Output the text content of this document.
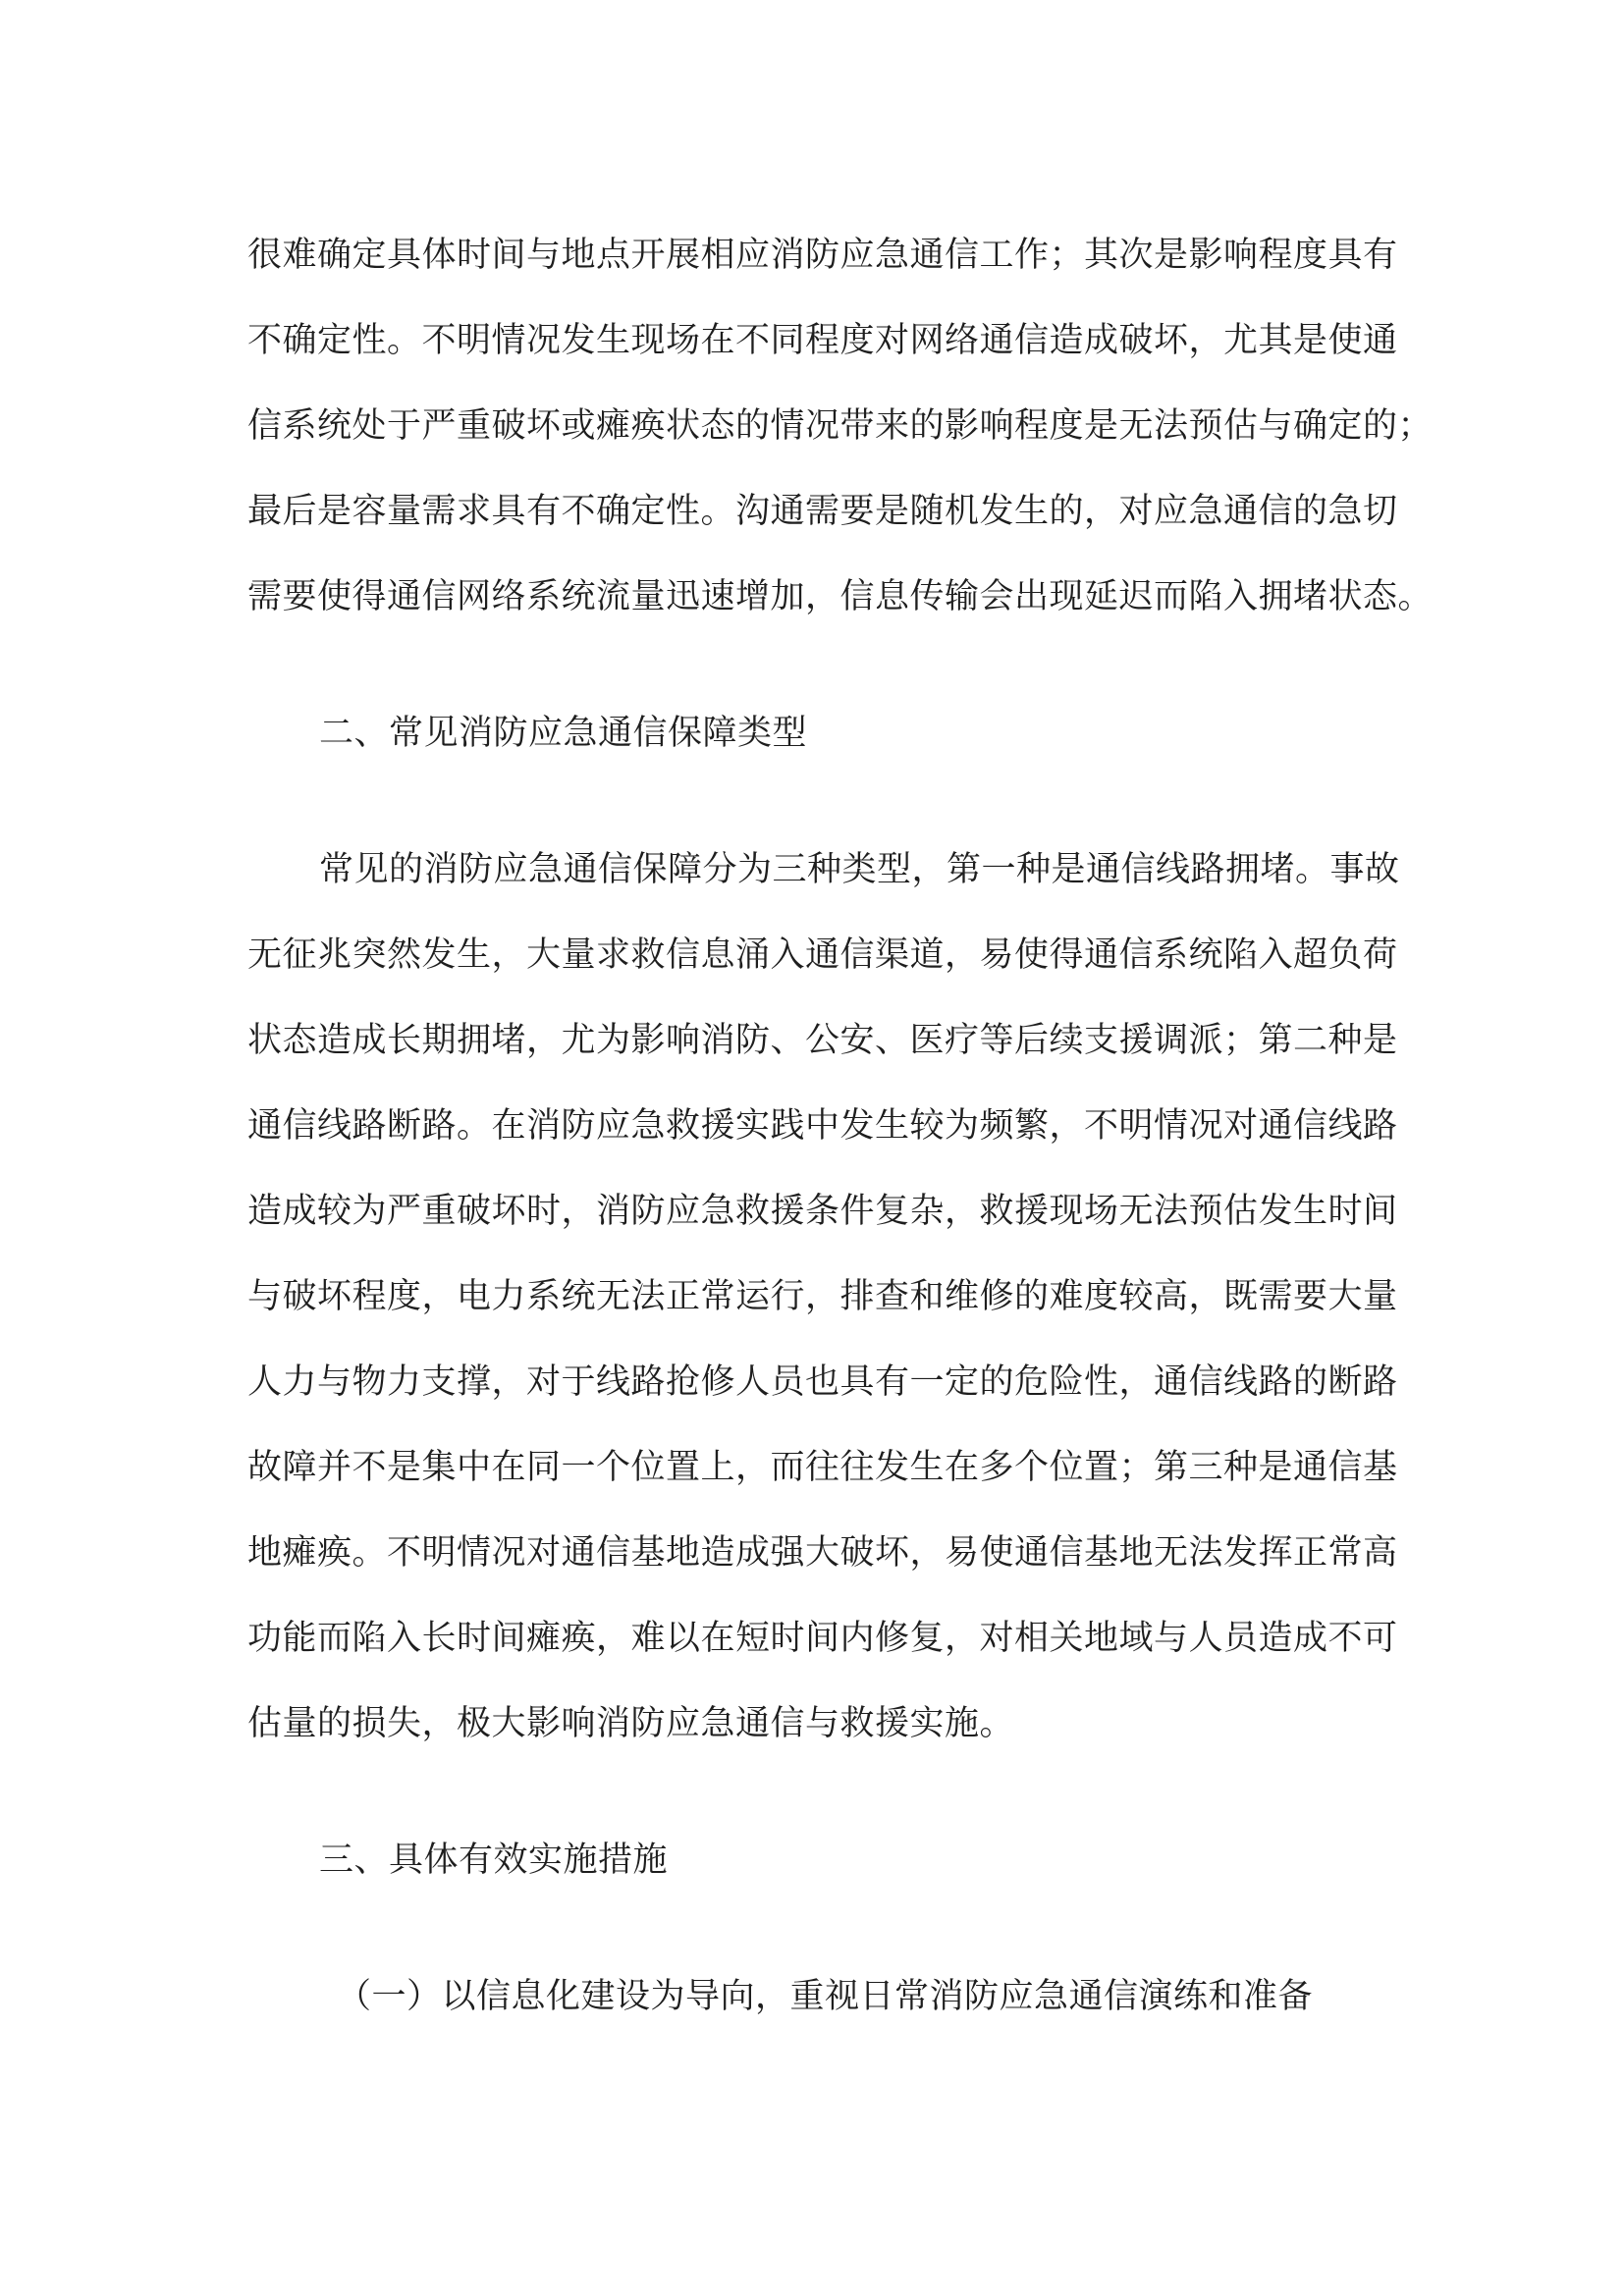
很难确定具体时间与地点开展相应消防应急通信工作；其次是影响程度具有
不确定性。不明情况发生现场在不同程度对网络通信造成破坏，尤其是使通
信系统处于严重破坏或瘫痪状态的情况带来的影响程度是无法预估与确定的；
最后是容量需求具有不确定性。沟通需要是随机发生的，对应急通信的急切
需要使得通信网络系统流量迅速增加，信息传输会出现延迟而陷入拥堵状态。
二、常见消防应急通信保障类型
常见的消防应急通信保障分为三种类型，第一种是通信线路拥堵。事故
无征兆突然发生，大量求救信息涌入通信渠道，易使得通信系统陷入超负荷
状态造成长期拥堵，尤为影响消防、公安、医疗等后续支援调派；第二种是
通信线路断路。在消防应急救援实践中发生较为频繁，不明情况对通信线路
造成较为严重破坏时，消防应急救援条件复杂，救援现场无法预估发生时间
与破坏程度，电力系统无法正常运行，排查和维修的难度较高，既需要大量
人力与物力支撑，对于线路抢修人员也具有一定的危险性，通信线路的断路
故障并不是集中在同一个位置上，而往往发生在多个位置；第三种是通信基
地瘫痪。不明情况对通信基地造成强大破坏，易使通信基地无法发挥正常高
功能而陷入长时间瘫痪，难以在短时间内修复，对相关地域与人员造成不可
估量的损失，极大影响消防应急通信与救援实施。
三、具体有效实施措施
（一）以信息化建设为导向，重视日常消防应急通信演练和准备
